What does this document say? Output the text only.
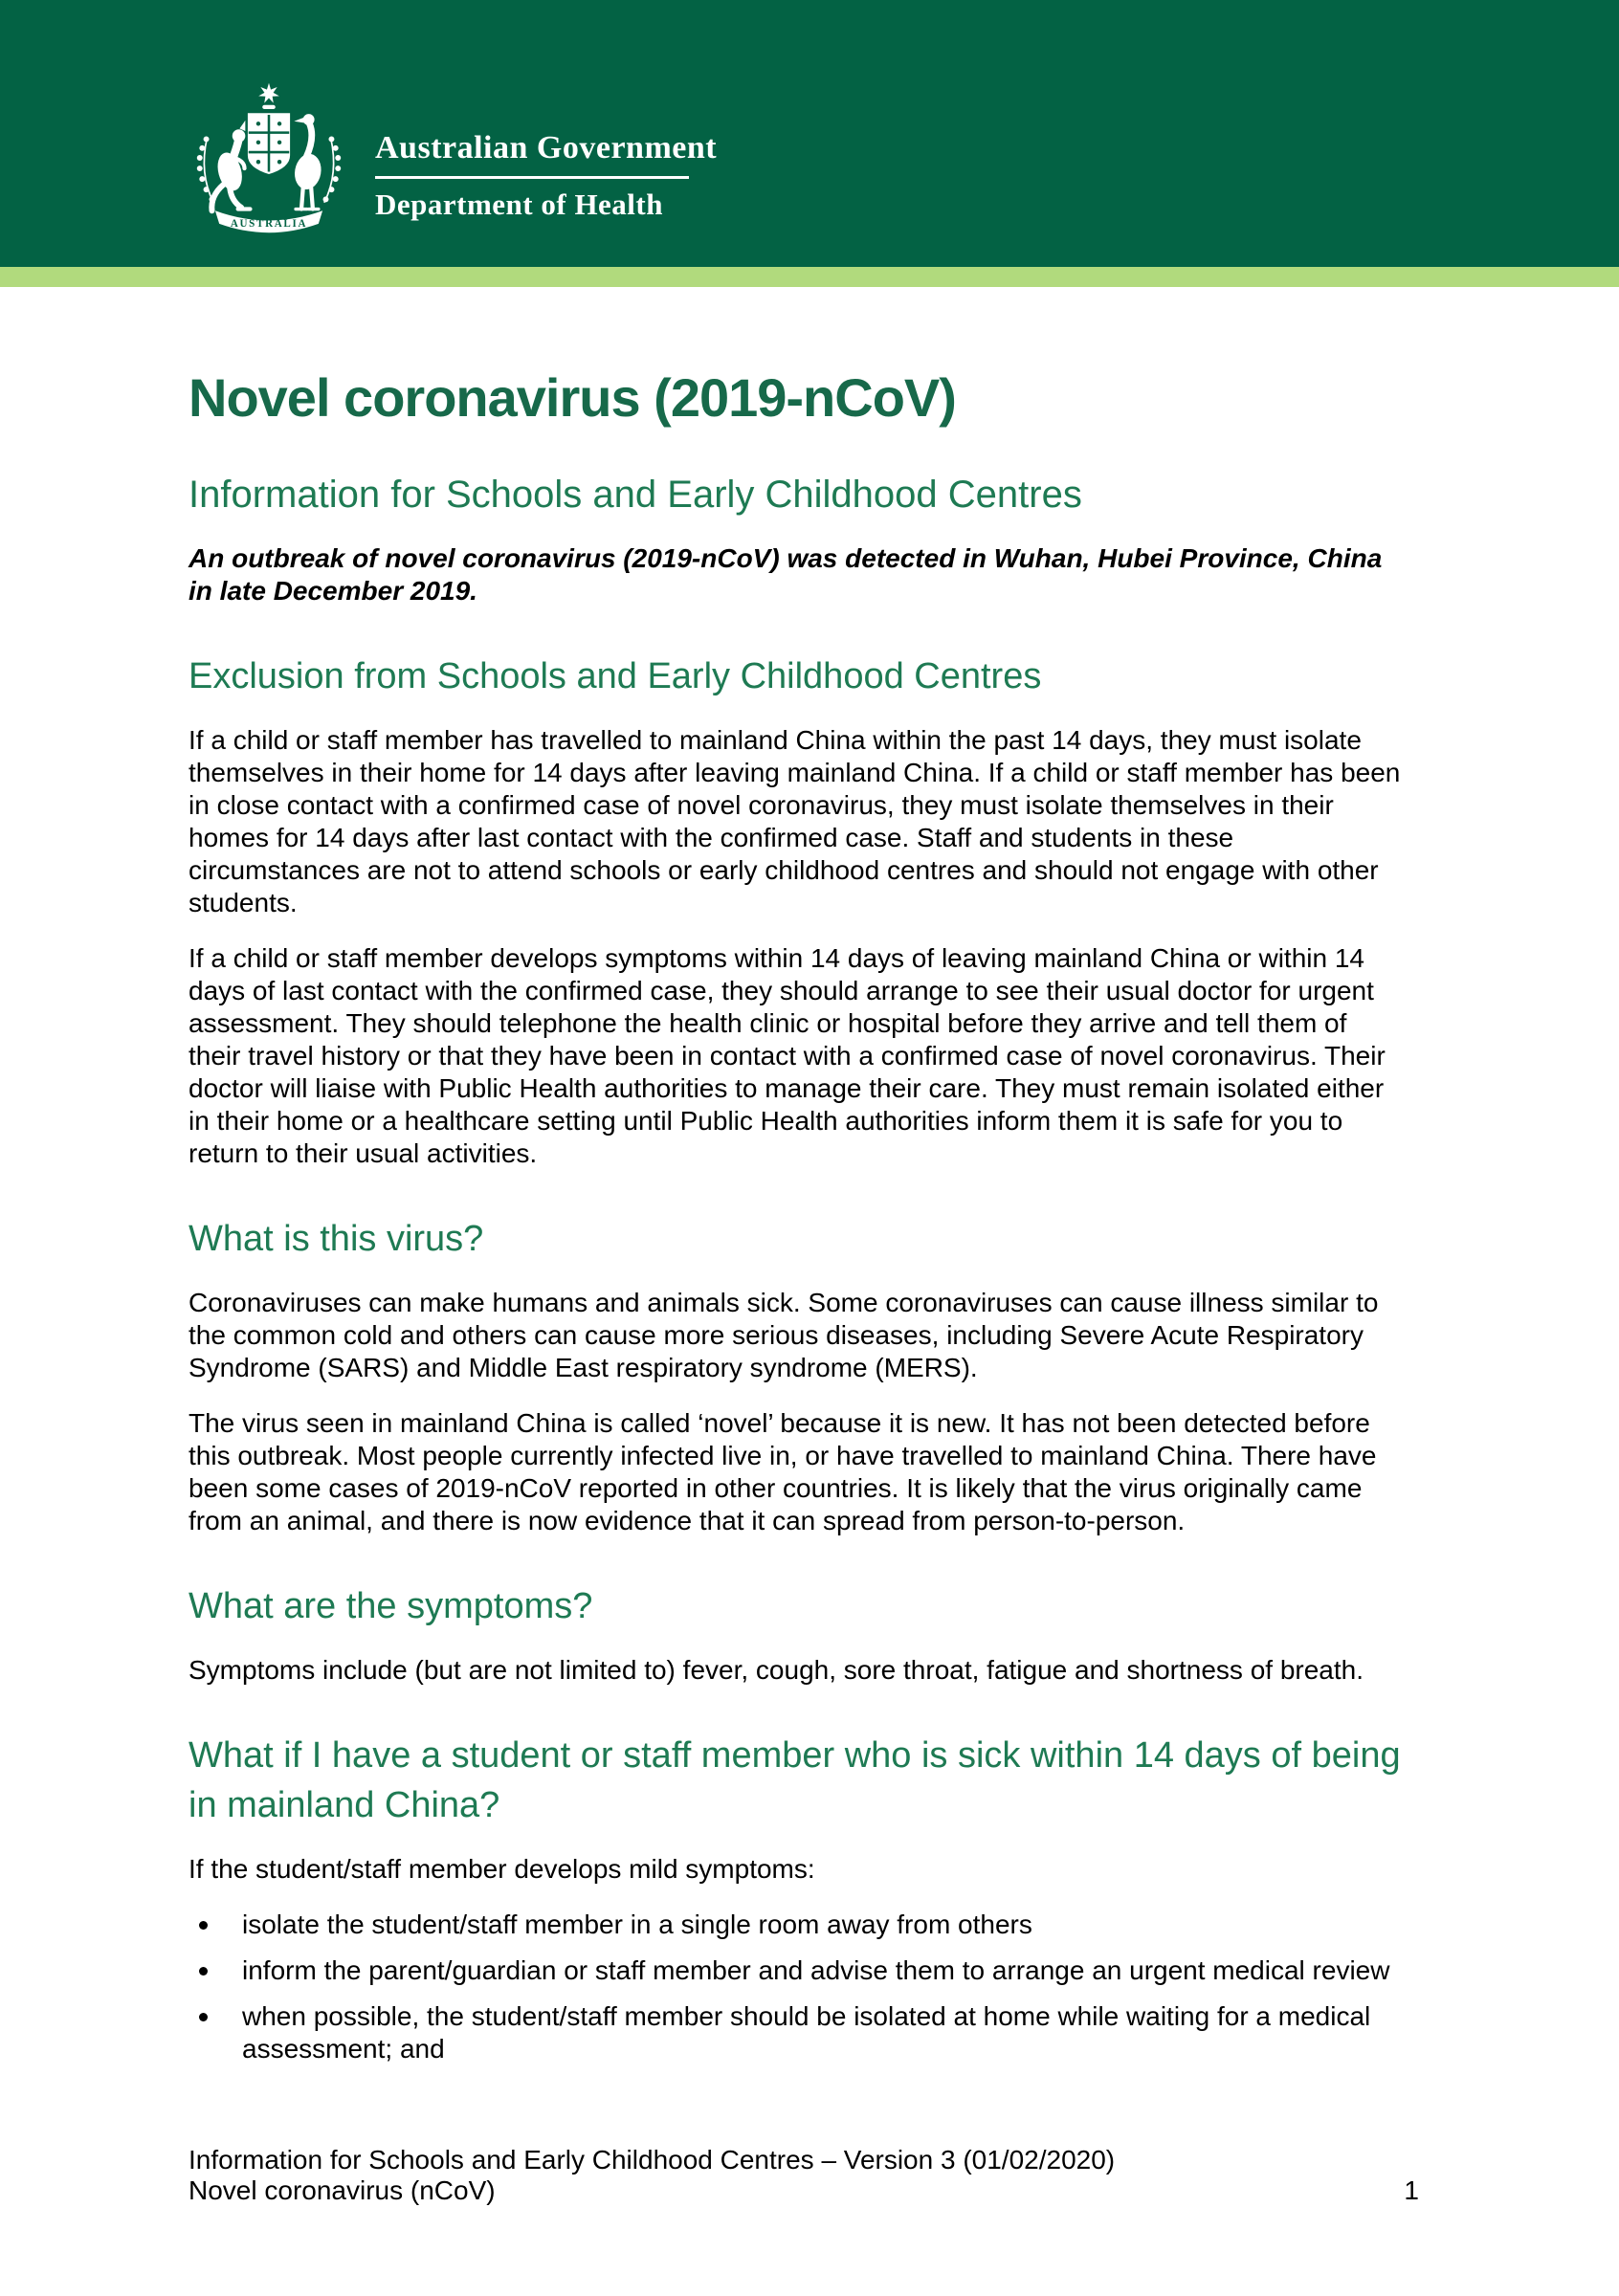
AUSTRALIA
Australian Government
Department of Health
Novel coronavirus (2019-nCoV)
Information for Schools and Early Childhood Centres

An outbreak of novel coronavirus (2019-nCoV) was detected in Wuhan, Hubei Province, China in late December 2019.

Exclusion from Schools and Early Childhood Centres

If a child or staff member has travelled to mainland China within the past 14 days, they must isolate themselves in their home for 14 days after leaving mainland China. If a child or staff member has been in close contact with a confirmed case of novel coronavirus, they must isolate themselves in their homes for 14 days after last contact with the confirmed case. Staff and students in these circumstances are not to attend schools or early childhood centres and should not engage with other students.

If a child or staff member develops symptoms within 14 days of leaving mainland China or within 14 days of last contact with the confirmed case, they should arrange to see their usual doctor for urgent assessment. They should telephone the health clinic or hospital before they arrive and tell them of their travel history or that they have been in contact with a confirmed case of novel coronavirus. Their doctor will liaise with Public Health authorities to manage their care. They must remain isolated either in their home or a healthcare setting until Public Health authorities inform them it is safe for you to return to their usual activities.

What is this virus?

Coronaviruses can make humans and animals sick. Some coronaviruses can cause illness similar to the common cold and others can cause more serious diseases, including Severe Acute Respiratory Syndrome (SARS) and Middle East respiratory syndrome (MERS).

The virus seen in mainland China is called ‘novel’ because it is new. It has not been detected before this outbreak. Most people currently infected live in, or have travelled to mainland China. There have been some cases of 2019-nCoV reported in other countries. It is likely that the virus originally came from an animal, and there is now evidence that it can spread from person-to-person.

What are the symptoms?

Symptoms include (but are not limited to) fever, cough, sore throat, fatigue and shortness of breath.

What if I have a student or staff member who is sick within 14 days of being in mainland China?

If the student/staff member develops mild symptoms:

isolate the student/staff member in a single room away from others
inform the parent/guardian or staff member and advise them to arrange an urgent medical review
when possible, the student/staff member should be isolated at home while waiting for a medical assessment; and
Information for Schools and Early Childhood Centres – Version 3 (01/02/2020)
Novel coronavirus (nCoV)	1
